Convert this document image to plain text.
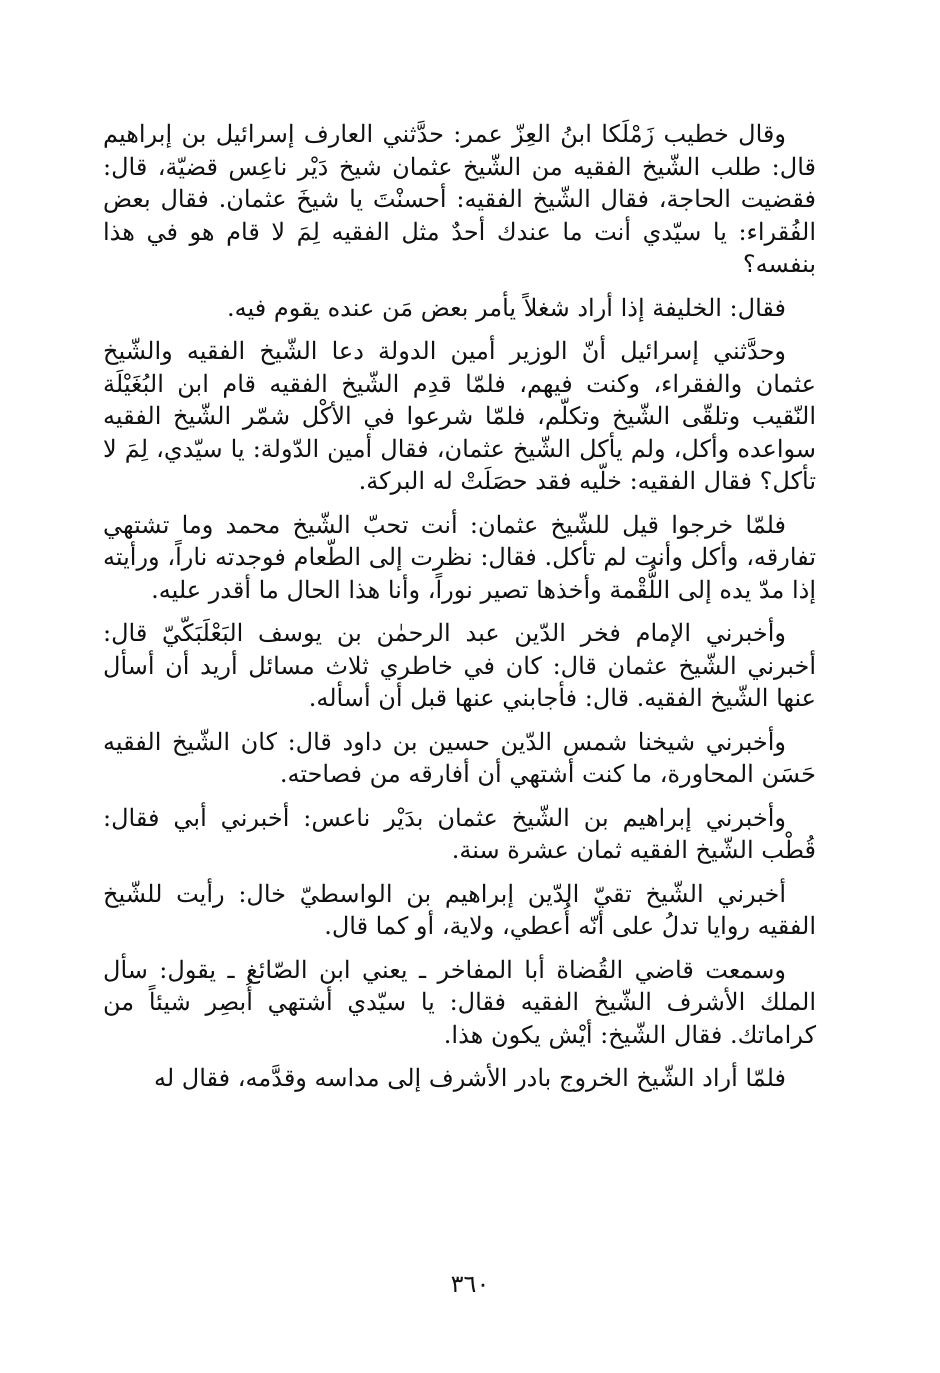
وقال خطيب زَمْلَكا ابنُ العِزّ عمر: حدَّثني العارف إسرائيل بن إبراهيم قال: طلب الشّيخ الفقيه من الشّيخ عثمان شيخ دَيْر ناعِس قضيّة، قال: فقضيت الحاجة، فقال الشّيخ الفقيه: أحسنْتَ يا شيخَ عثمان. فقال بعض الفُقراء: يا سيّدي أنت ما عندك أحدٌ مثل الفقيه لِمَ لا قام هو في هذا بنفسه؟

فقال: الخليفة إذا أراد شغلاً يأمر بعض مَن عنده يقوم فيه.

وحدَّثني إسرائيل أنّ الوزير أمين الدولة دعا الشّيخ الفقيه والشّيخ عثمان والفقراء، وكنت فيهم، فلمّا قدِم الشّيخ الفقيه قام ابن البُغَيْلَة النّقيب وتلقّى الشّيخ وتكلّم، فلمّا شرعوا في الأكْل شمّر الشّيخ الفقيه سواعده وأكل، ولم يأكل الشّيخ عثمان، فقال أمين الدّولة: يا سيّدي، لِمَ لا تأكل؟ فقال الفقيه: خلّيه فقد حصَلَتْ له البركة.

فلمّا خرجوا قيل للشّيخ عثمان: أنت تحبّ الشّيخ محمد وما تشتهي تفارقه، وأكل وأنت لم تأكل. فقال: نظرت إلى الطّعام فوجدته ناراً، ورأيته إذا مدّ يده إلى اللُّقْمة وأخذها تصير نوراً، وأنا هذا الحال ما أقدر عليه.

وأخبرني الإمام فخر الدّين عبد الرحمٰن بن يوسف البَعْلَبَكّيّ قال: أخبرني الشّيخ عثمان قال: كان في خاطري ثلاث مسائل أريد أن أسأل عنها الشّيخ الفقيه. قال: فأجابني عنها قبل أن أسأله.

وأخبرني شيخنا شمس الدّين حسين بن داود قال: كان الشّيخ الفقيه حَسَن المحاورة، ما كنت أشتهي أن أفارقه من فصاحته.

وأخبرني إبراهيم بن الشّيخ عثمان بدَيْر ناعس: أخبرني أبي فقال: قُطْب الشّيخ الفقيه ثمان عشرة سنة.

أخبرني الشّيخ تقيّ الدّين إبراهيم بن الواسطيّ خال: رأيت للشّيخ الفقيه روايا تدلُ على أنّه أُعطي، ولاية، أو كما قال.

وسمعت قاضي القُضاة أبا المفاخر ـ يعني ابن الصّائغ ـ يقول: سأل الملك الأشرف الشّيخ الفقيه فقال: يا سيّدي أشتهي أُبصِر شيئاً من كراماتك. فقال الشّيخ: أيْش يكون هذا.

فلمّا أراد الشّيخ الخروج بادر الأشرف إلى مداسه وقدَّمه، فقال له

٣٦٠
